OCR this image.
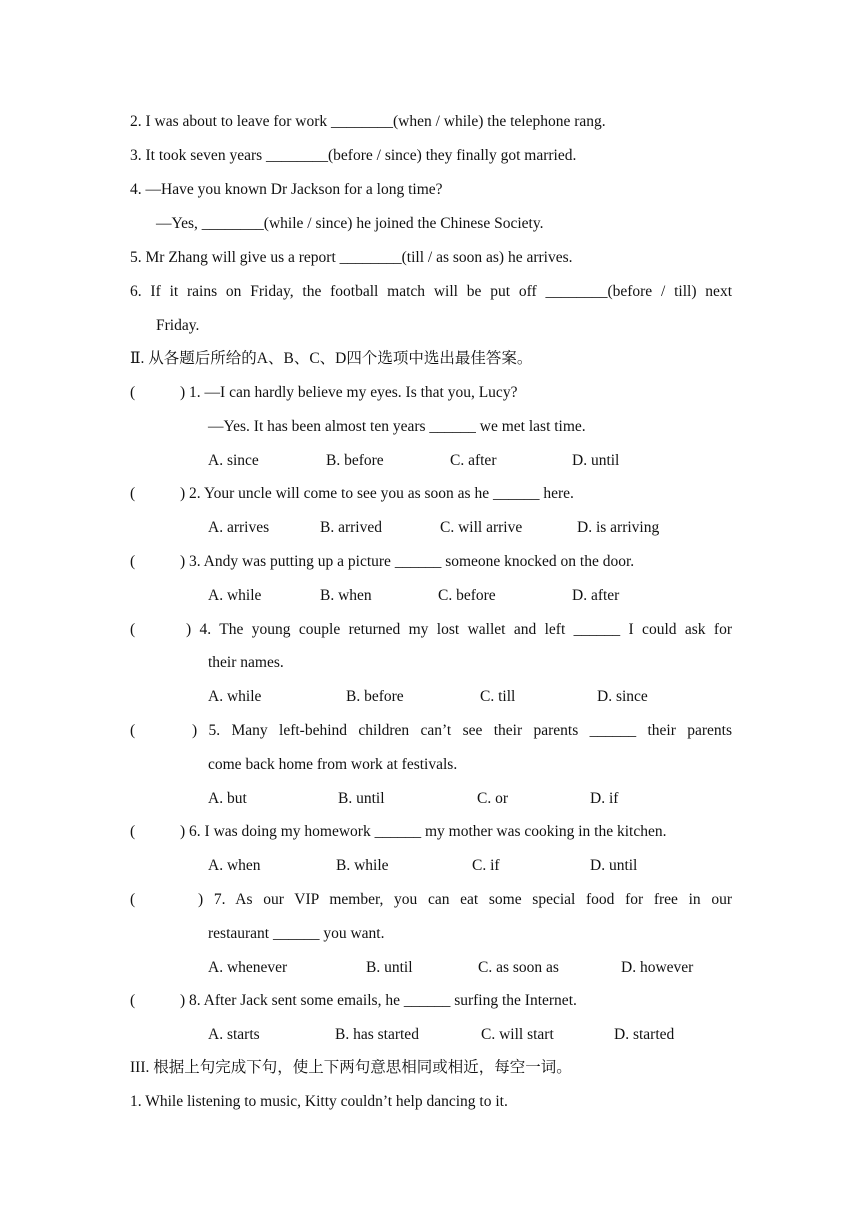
2. I was about to leave for work ________(when / while) the telephone rang.
3. It took seven years ________(before / since) they finally got married.
4. —Have you known Dr Jackson for a long time?
—Yes, ________(while / since) he joined the Chinese Society.
5. Mr Zhang will give us a report ________(till / as soon as) he arrives.
6. If it rains on Friday, the football match will be put off ________(before / till) next
Friday.
Ⅱ. 从各题后所给的A、B、C、D四个选项中选出最佳答案。
(	) 1. —I can hardly believe my eyes. Is that you, Lucy?
—Yes. It has been almost ten years ______ we met last time.
A. since	B. before	C. after	D. until
(	) 2. Your uncle will come to see you as soon as he ______ here.
A. arrives	B. arrived	C. will arrive	D. is arriving
(	) 3. Andy was putting up a picture ______ someone knocked on the door.
A. while	B. when	C. before	D. after
(	) 4. The young couple returned my lost wallet and left ______ I could ask for
their names.
A. while	B. before	C. till	D. since
(	) 5. Many left-behind children can’t see their parents ______ their parents
come back home from work at festivals.
A. but	B. until	C. or	D. if
(	) 6. I was doing my homework ______ my mother was cooking in the kitchen.
A. when	B. while	C. if	D. until
(	) 7. As our VIP member, you can eat some special food for free in our
restaurant ______ you want.
A. whenever	B. until	C. as soon as	D. however
(	) 8. After Jack sent some emails, he ______ surfing the Internet.
A. starts	B. has started	C. will start	D. started
III. 根据上句完成下句，使上下两句意思相同或相近，每空一词。
1. While listening to music, Kitty couldn’t help dancing to it.
